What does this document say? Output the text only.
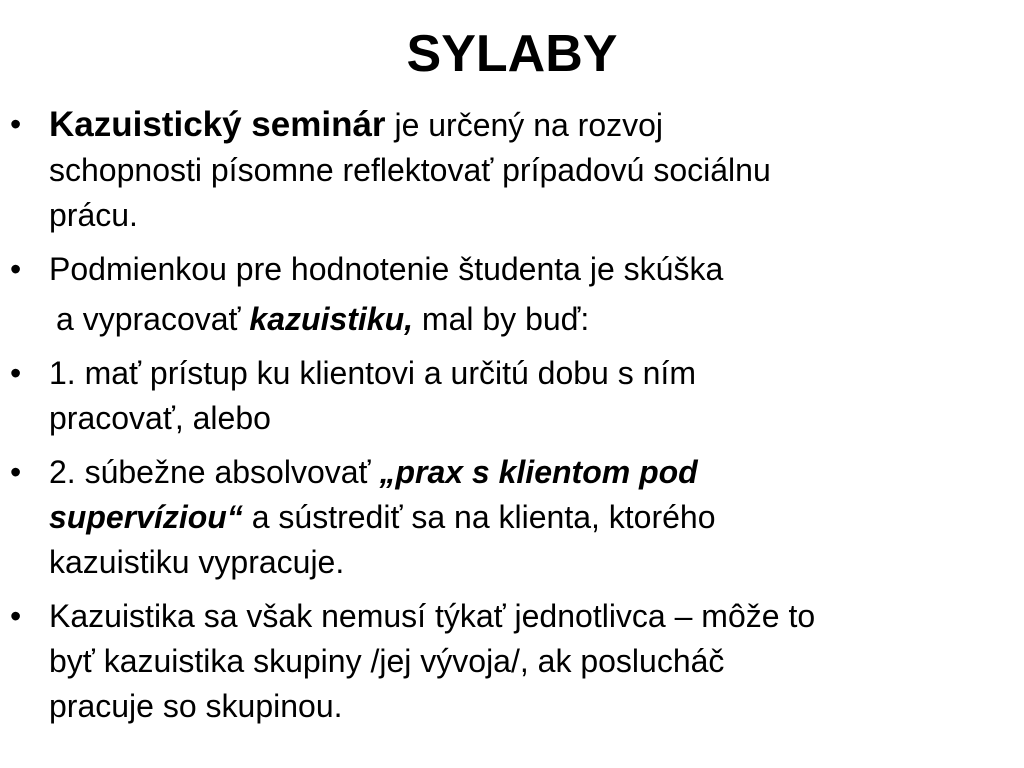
SYLABY
• Kazuistický seminár je určený na rozvoj
schopnosti písomne reflektovať prípadovú sociálnu
prácu.
• Podmienkou pre hodnotenie študenta je skúška
a vypracovať kazuistiku, mal by buď:
• 1. mať prístup ku klientovi a určitú dobu s ním
pracovať, alebo
• 2. súbežne absolvovať „prax s klientom pod
supervíziou“ a sústrediť sa na klienta, ktorého
kazuistiku vypracuje.
• Kazuistika sa však nemusí týkať jednotlivca – môže to
byť kazuistika skupiny /jej vývoja/, ak poslucháč
pracuje so skupinou.
